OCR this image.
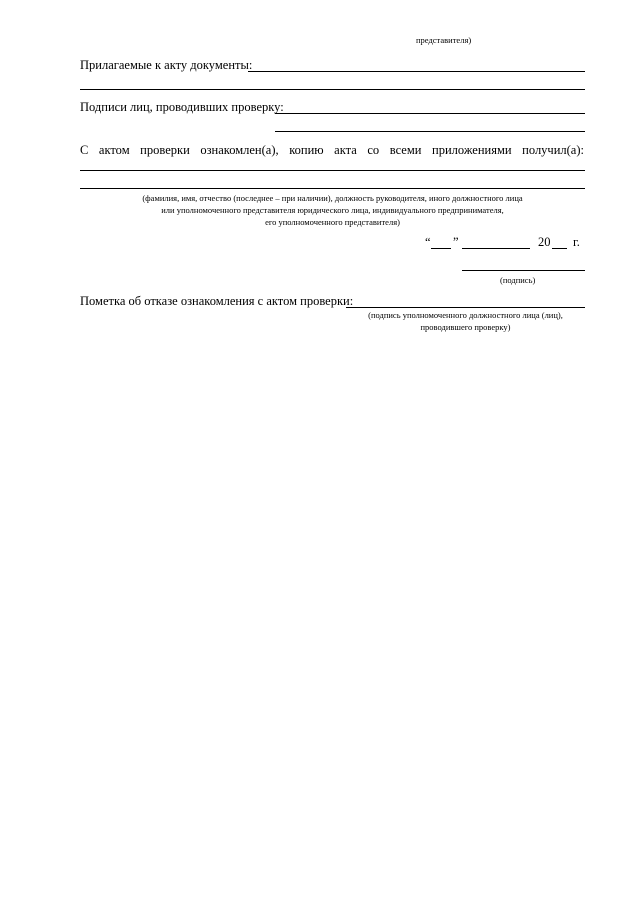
представителя)
Прилагаемые к акту документы:
Подписи лиц, проводивших проверку:
С актом проверки ознакомлен(а), копию акта со всеми приложениями получил(а):
(фамилия, имя, отчество (последнее – при наличии), должность руководителя, иного должностного лица
или уполномоченного представителя юридического лица, индивидуального предпринимателя,
его уполномоченного представителя)
“ ”	20 г.
(подпись)
Пометка об отказе ознакомления с актом проверки:
(подпись уполномоченного должностного лица (лиц),
проводившего проверку)
